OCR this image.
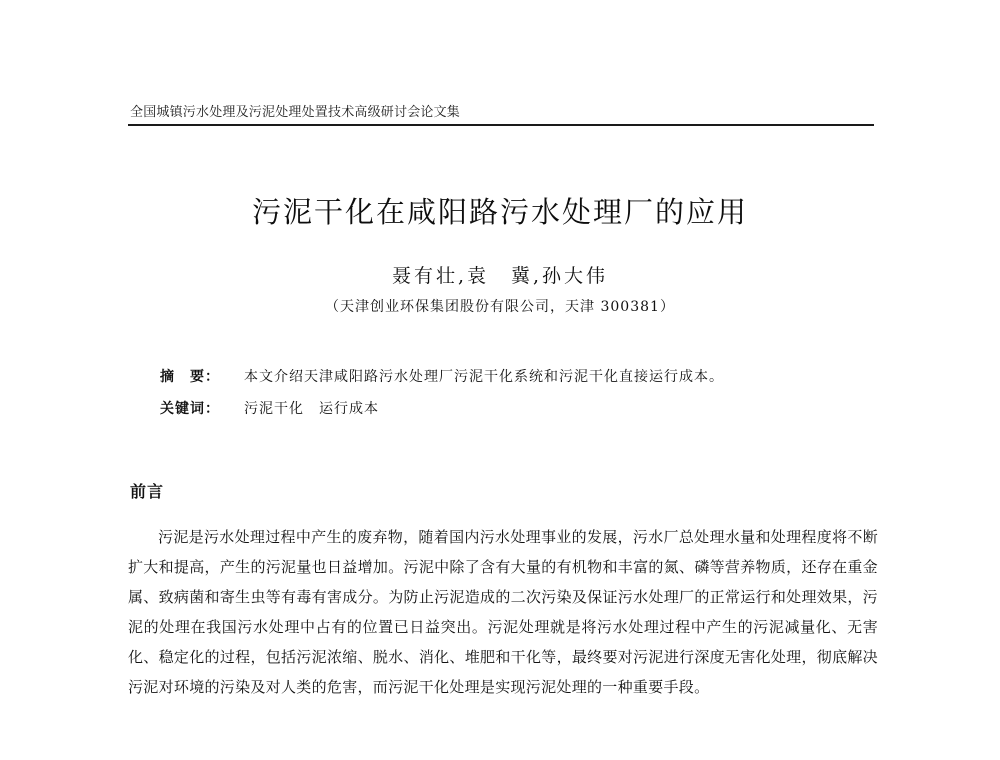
全国城镇污水处理及污泥处理处置技术高级研讨会论文集
污泥干化在咸阳路污水处理厂的应用
聂有壮,袁　冀,孙大伟
（天津创业环保集团股份有限公司，天津 300381）
摘　要：	本文介绍天津咸阳路污水处理厂污泥干化系统和污泥干化直接运行成本。
关键词：	污泥干化　运行成本
前言

污泥是污水处理过程中产生的废弃物，随着国内污水处理事业的发展，污水厂总处理水量和处理程度将不断扩大和提高，产生的污泥量也日益增加。污泥中除了含有大量的有机物和丰富的氮、磷等营养物质，还存在重金属、致病菌和寄生虫等有毒有害成分。为防止污泥造成的二次污染及保证污水处理厂的正常运行和处理效果，污泥的处理在我国污水处理中占有的位置已日益突出。污泥处理就是将污水处理过程中产生的污泥减量化、无害化、稳定化的过程，包括污泥浓缩、脱水、消化、堆肥和干化等，最终要对污泥进行深度无害化处理，彻底解决污泥对环境的污染及对人类的危害，而污泥干化处理是实现污泥处理的一种重要手段。
